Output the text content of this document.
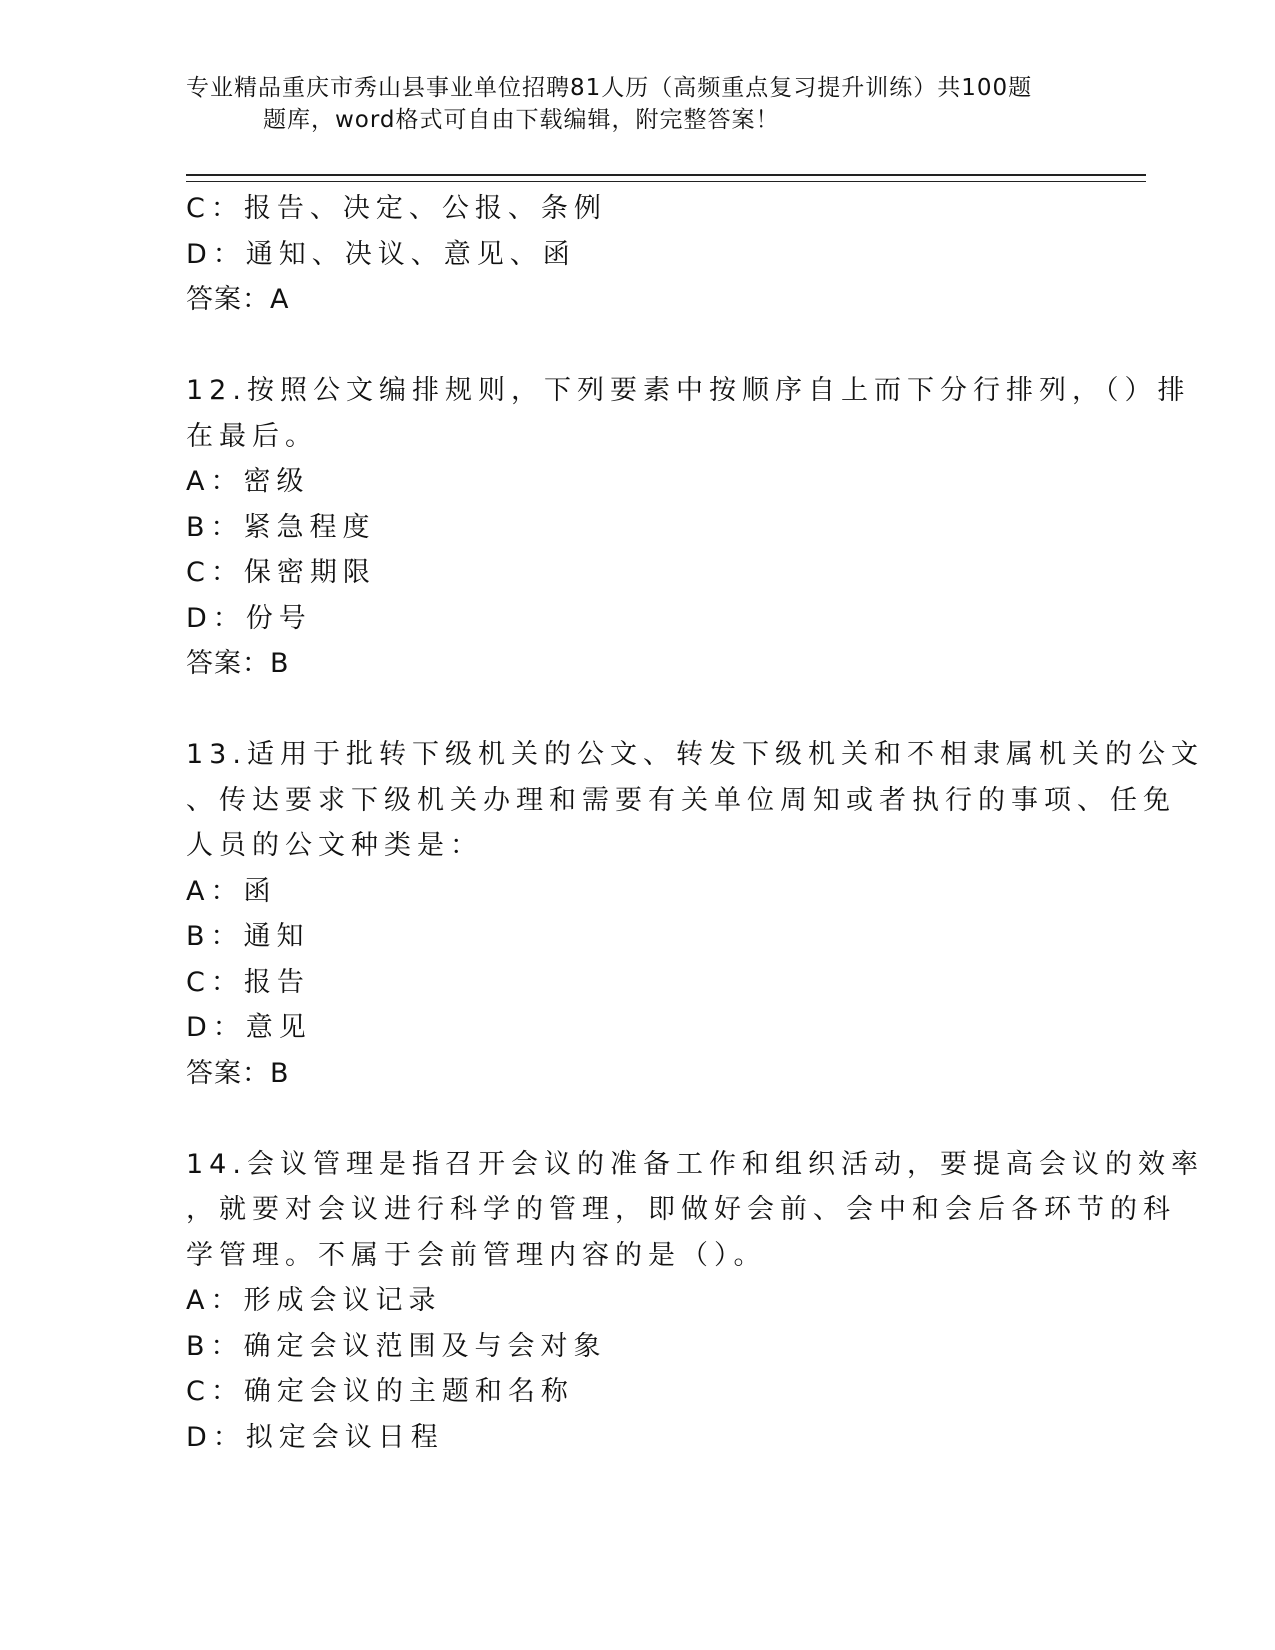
专业精品重庆市秀山县事业单位招聘81人历（高频重点复习提升训练）共100题
题库，word格式可自由下载编辑，附完整答案！
C：报告、决定、公报、条例
D：通知、决议、意见、函
答案：A
12.按照公文编排规则，下列要素中按顺序自上而下分行排列，（）排
在最后。
A：密级
B：紧急程度
C：保密期限
D：份号
答案：B
13.适用于批转下级机关的公文、转发下级机关和不相隶属机关的公文
、传达要求下级机关办理和需要有关单位周知或者执行的事项、任免
人员的公文种类是：
A：函
B：通知
C：报告
D：意见
答案：B
14.会议管理是指召开会议的准备工作和组织活动，要提高会议的效率
，就要对会议进行科学的管理，即做好会前、会中和会后各环节的科
学管理。不属于会前管理内容的是（）。
A：形成会议记录
B：确定会议范围及与会对象
C：确定会议的主题和名称
D：拟定会议日程
